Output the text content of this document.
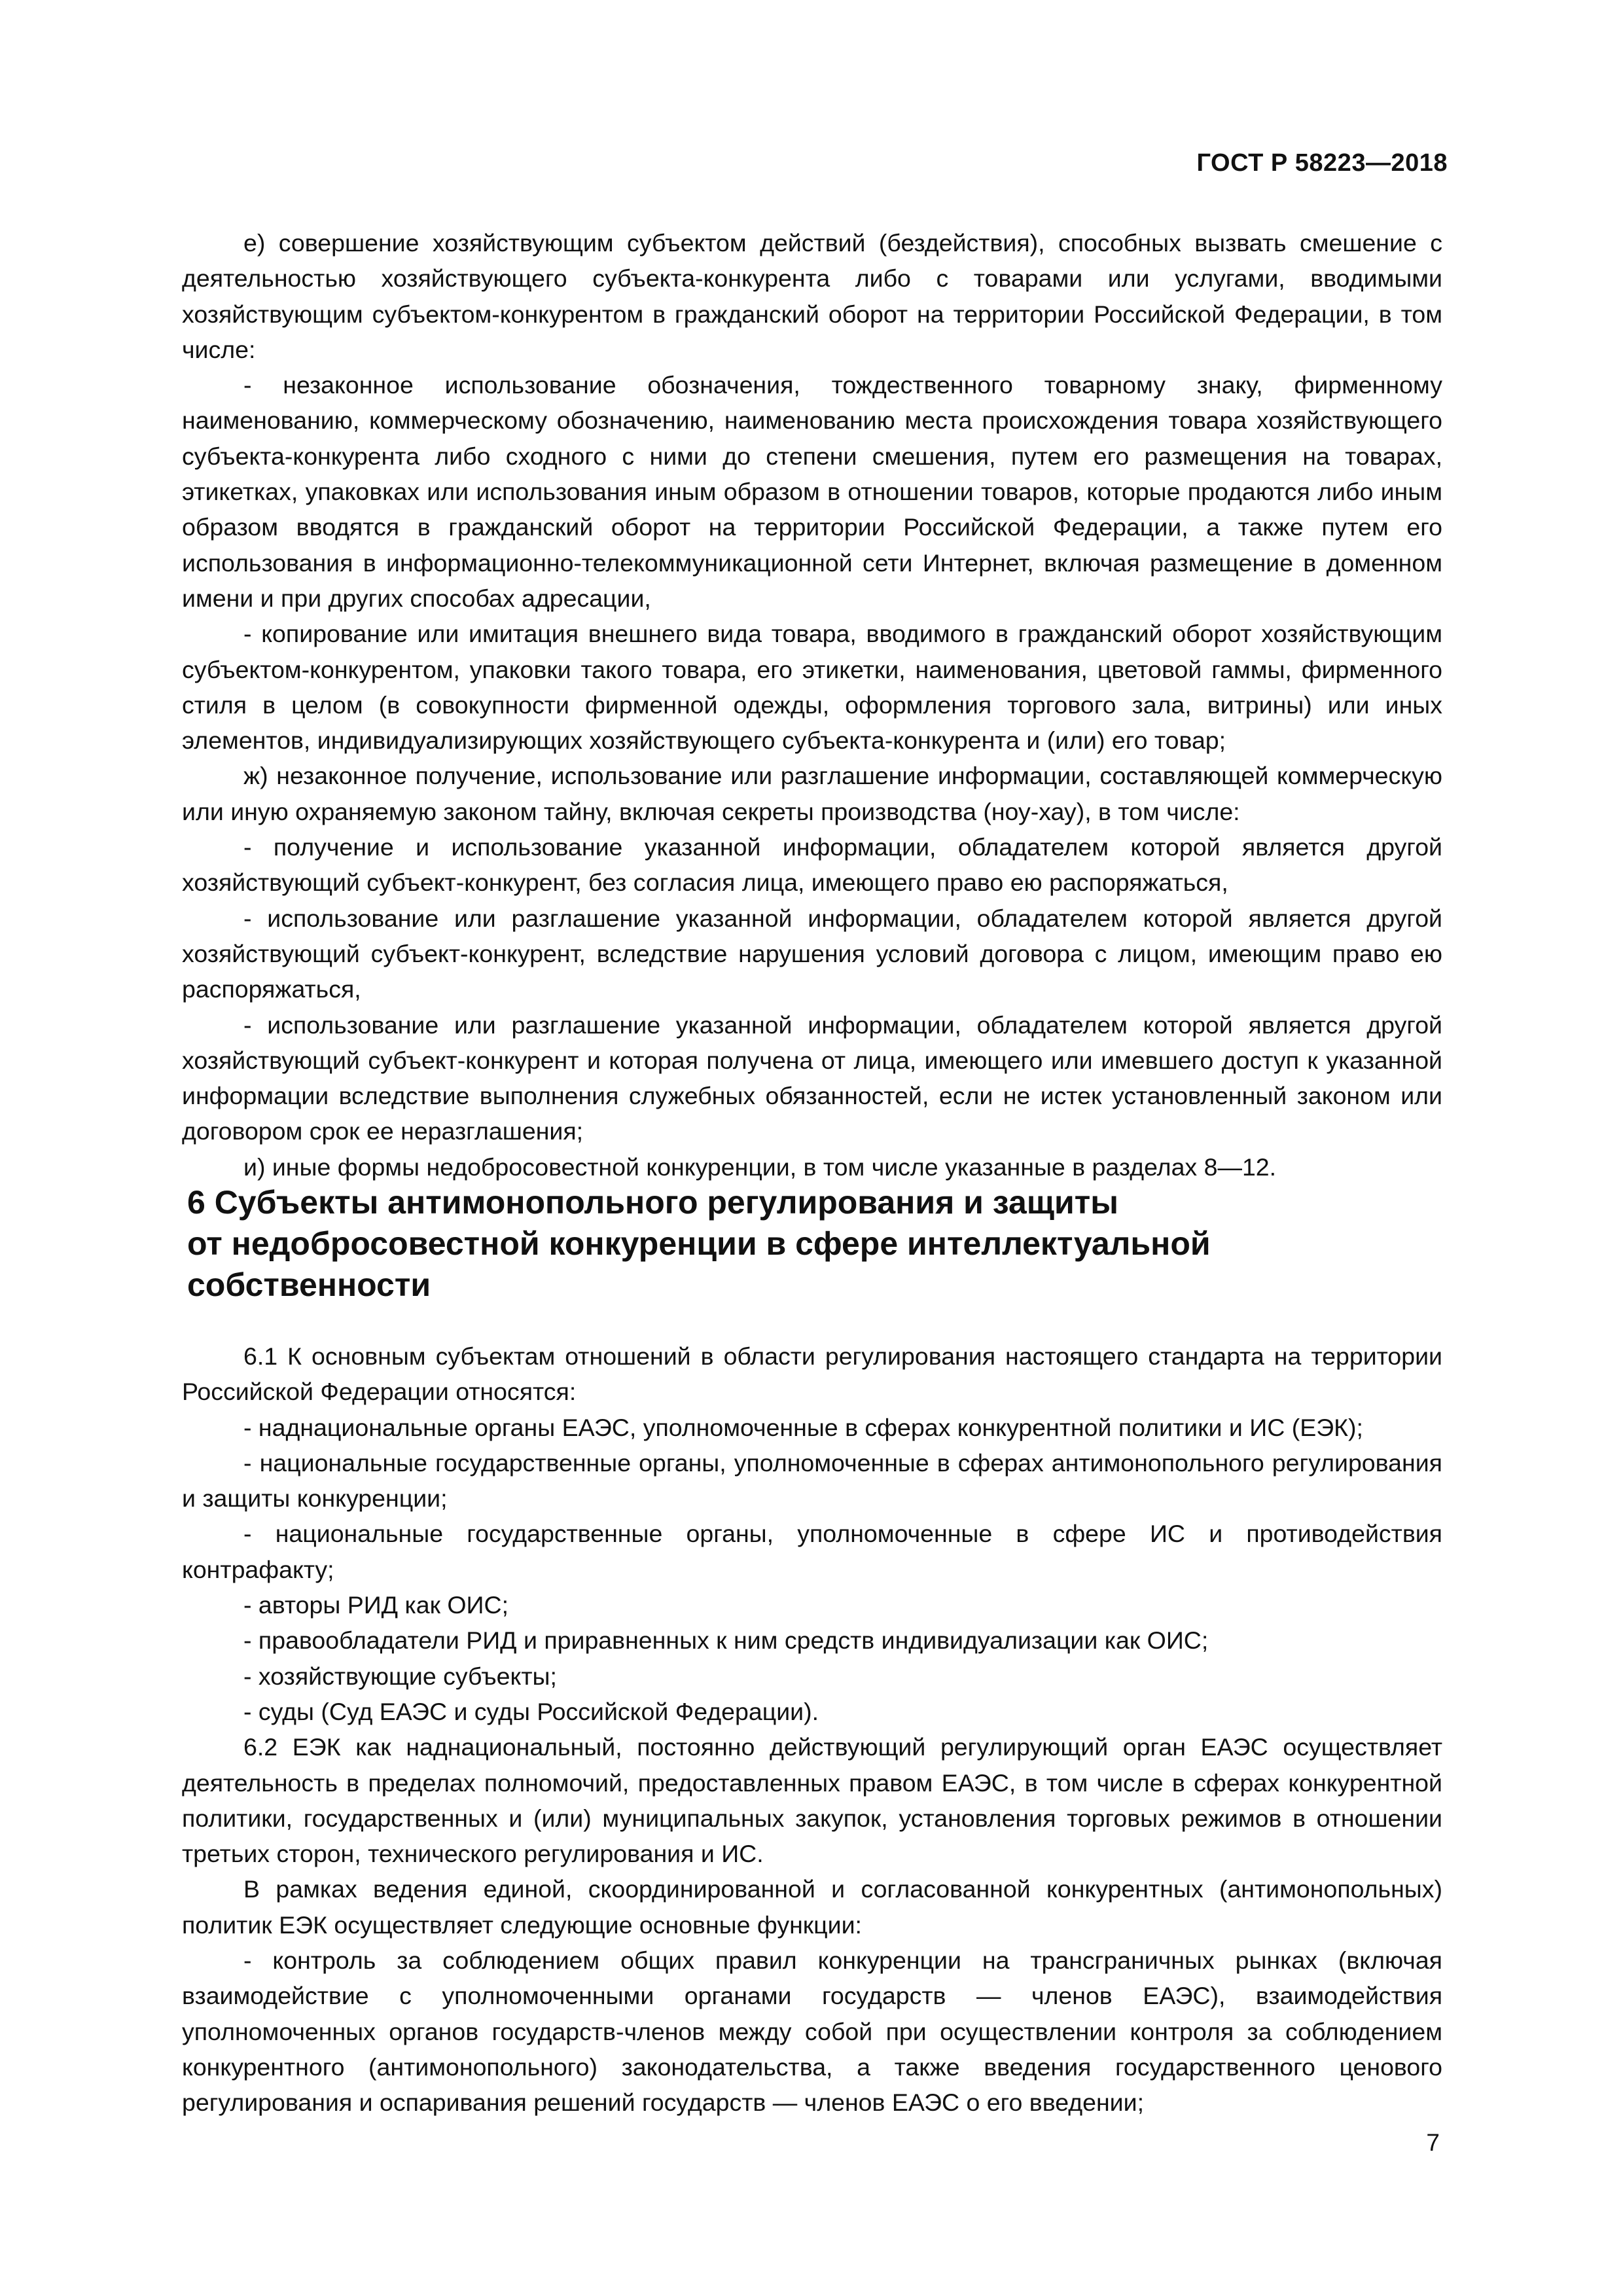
ГОСТ Р 58223—2018

е) совершение хозяйствующим субъектом действий (бездействия), способных вызвать смешение с деятельностью хозяйствующего субъекта-конкурента либо с товарами или услугами, вводимыми хозяйствующим субъектом-конкурентом в гражданский оборот на территории Российской Федерации, в том числе:

- незаконное использование обозначения, тождественного товарному знаку, фирменному наименованию, коммерческому обозначению, наименованию места происхождения товара хозяйствующего субъекта-конкурента либо сходного с ними до степени смешения, путем его размещения на товарах, этикетках, упаковках или использования иным образом в отношении товаров, которые продаются либо иным образом вводятся в гражданский оборот на территории Российской Федерации, а также путем его использования в информационно-телекоммуникационной сети Интернет, включая размещение в доменном имени и при других способах адресации,

- копирование или имитация внешнего вида товара, вводимого в гражданский оборот хозяйствующим субъектом-конкурентом, упаковки такого товара, его этикетки, наименования, цветовой гаммы, фирменного стиля в целом (в совокупности фирменной одежды, оформления торгового зала, витрины) или иных элементов, индивидуализирующих хозяйствующего субъекта-конкурента и (или) его товар;

ж) незаконное получение, использование или разглашение информации, составляющей коммерческую или иную охраняемую законом тайну, включая секреты производства (ноу-хау), в том числе:

- получение и использование указанной информации, обладателем которой является другой хозяйствующий субъект-конкурент, без согласия лица, имеющего право ею распоряжаться,

- использование или разглашение указанной информации, обладателем которой является другой хозяйствующий субъект-конкурент, вследствие нарушения условий договора с лицом, имеющим право ею распоряжаться,

- использование или разглашение указанной информации, обладателем которой является другой хозяйствующий субъект-конкурент и которая получена от лица, имеющего или имевшего доступ к указанной информации вследствие выполнения служебных обязанностей, если не истек установленный законом или договором срок ее неразглашения;

и) иные формы недобросовестной конкуренции, в том числе указанные в разделах 8—12.

6 Субъекты антимонопольного регулирования и защиты
от недобросовестной конкуренции в сфере интеллектуальной
собственности

6.1 К основным субъектам отношений в области регулирования настоящего стандарта на территории Российской Федерации относятся:

- наднациональные органы ЕАЭС, уполномоченные в сферах конкурентной политики и ИС (ЕЭК);

- национальные государственные органы, уполномоченные в сферах антимонопольного регулирования и защиты конкуренции;

- национальные государственные органы, уполномоченные в сфере ИС и противодействия контрафакту;

- авторы РИД как ОИС;

- правообладатели РИД и приравненных к ним средств индивидуализации как ОИС;

- хозяйствующие субъекты;

- суды (Суд ЕАЭС и суды Российской Федерации).

6.2 ЕЭК как наднациональный, постоянно действующий регулирующий орган ЕАЭС осуществляет деятельность в пределах полномочий, предоставленных правом ЕАЭС, в том числе в сферах конкурентной политики, государственных и (или) муниципальных закупок, установления торговых режимов в отношении третьих сторон, технического регулирования и ИС.

В рамках ведения единой, скоординированной и согласованной конкурентных (антимонопольных) политик ЕЭК осуществляет следующие основные функции:

- контроль за соблюдением общих правил конкуренции на трансграничных рынках (включая взаимодействие с уполномоченными органами государств — членов ЕАЭС), взаимодействия уполномоченных органов государств-членов между собой при осуществлении контроля за соблюдением конкурентного (антимонопольного) законодательства, а также введения государственного ценового регулирования и оспаривания решений государств — членов ЕАЭС о его введении;

7
